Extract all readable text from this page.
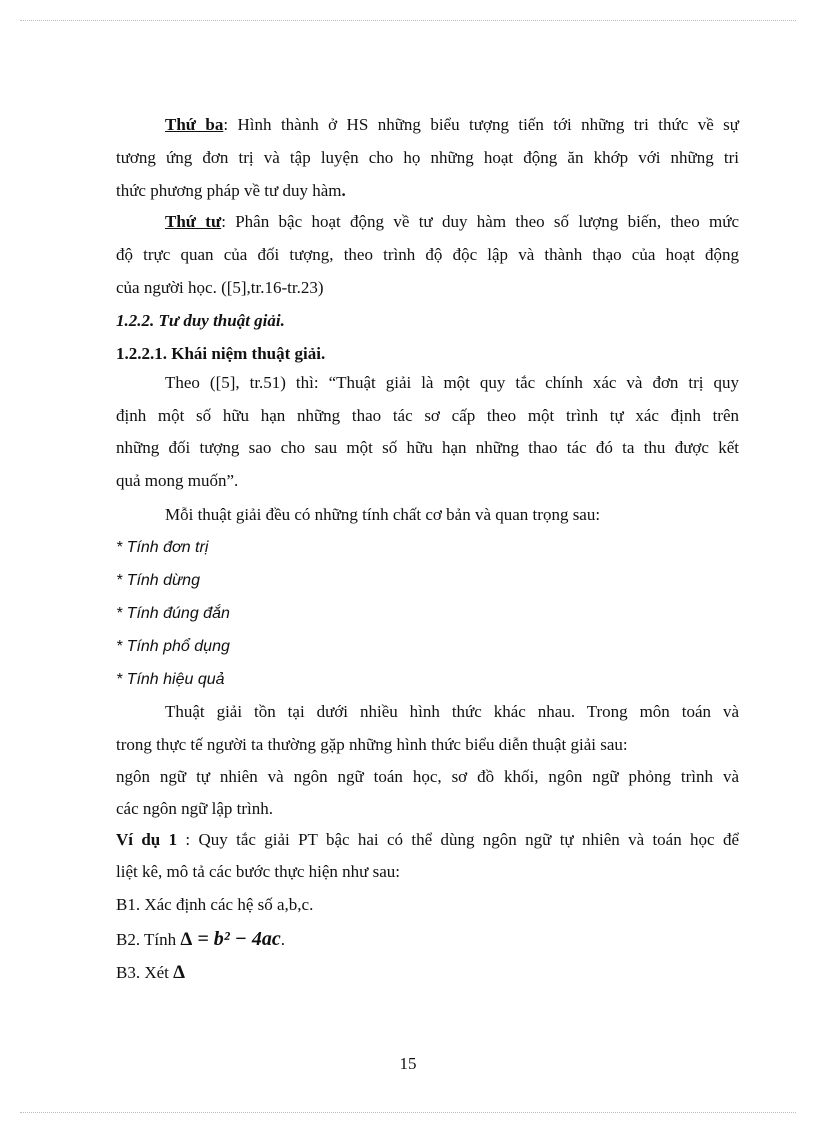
Thứ ba: Hình thành ở HS những biểu tượng tiến tới những tri thức về sự
tương ứng đơn trị và tập luyện cho họ những hoạt động ăn khớp với những tri
thức phương pháp về tư duy hàm.
Thứ tư: Phân bậc hoạt động về tư duy hàm theo số lượng biến, theo mức
độ trực quan của đối tượng, theo trình độ độc lập và thành thạo của hoạt động
của người học. ([5],tr.16-tr.23)
1.2.2. Tư duy thuật giải.
1.2.2.1. Khái niệm thuật giải.
Theo ([5], tr.51) thì: “Thuật giải là một quy tắc chính xác và đơn trị quy
định một số hữu hạn những thao tác sơ cấp theo một trình tự xác định trên
những đối tượng sao cho sau một số hữu hạn những thao tác đó ta thu được kết
quả mong muốn”.
Mỗi thuật giải đều có những tính chất cơ bản và quan trọng sau:
* Tính đơn trị
* Tính dừng
* Tính đúng đắn
* Tính phổ dụng
* Tính hiệu quả
Thuật giải tồn tại dưới nhiều hình thức khác nhau. Trong môn toán và
trong thực tế người ta thường gặp những hình thức biểu diễn thuật giải sau:
ngôn ngữ tự nhiên và ngôn ngữ toán học, sơ đồ khối, ngôn ngữ phỏng trình và
các ngôn ngữ lập trình.
Ví dụ 1 : Quy tắc giải PT bậc hai có thể dùng ngôn ngữ tự nhiên và toán học để
liệt kê, mô tả các bước thực hiện như sau:
B1. Xác định các hệ số a,b,c.
B2. Tính Δ = b² − 4ac.
B3. Xét Δ
15
